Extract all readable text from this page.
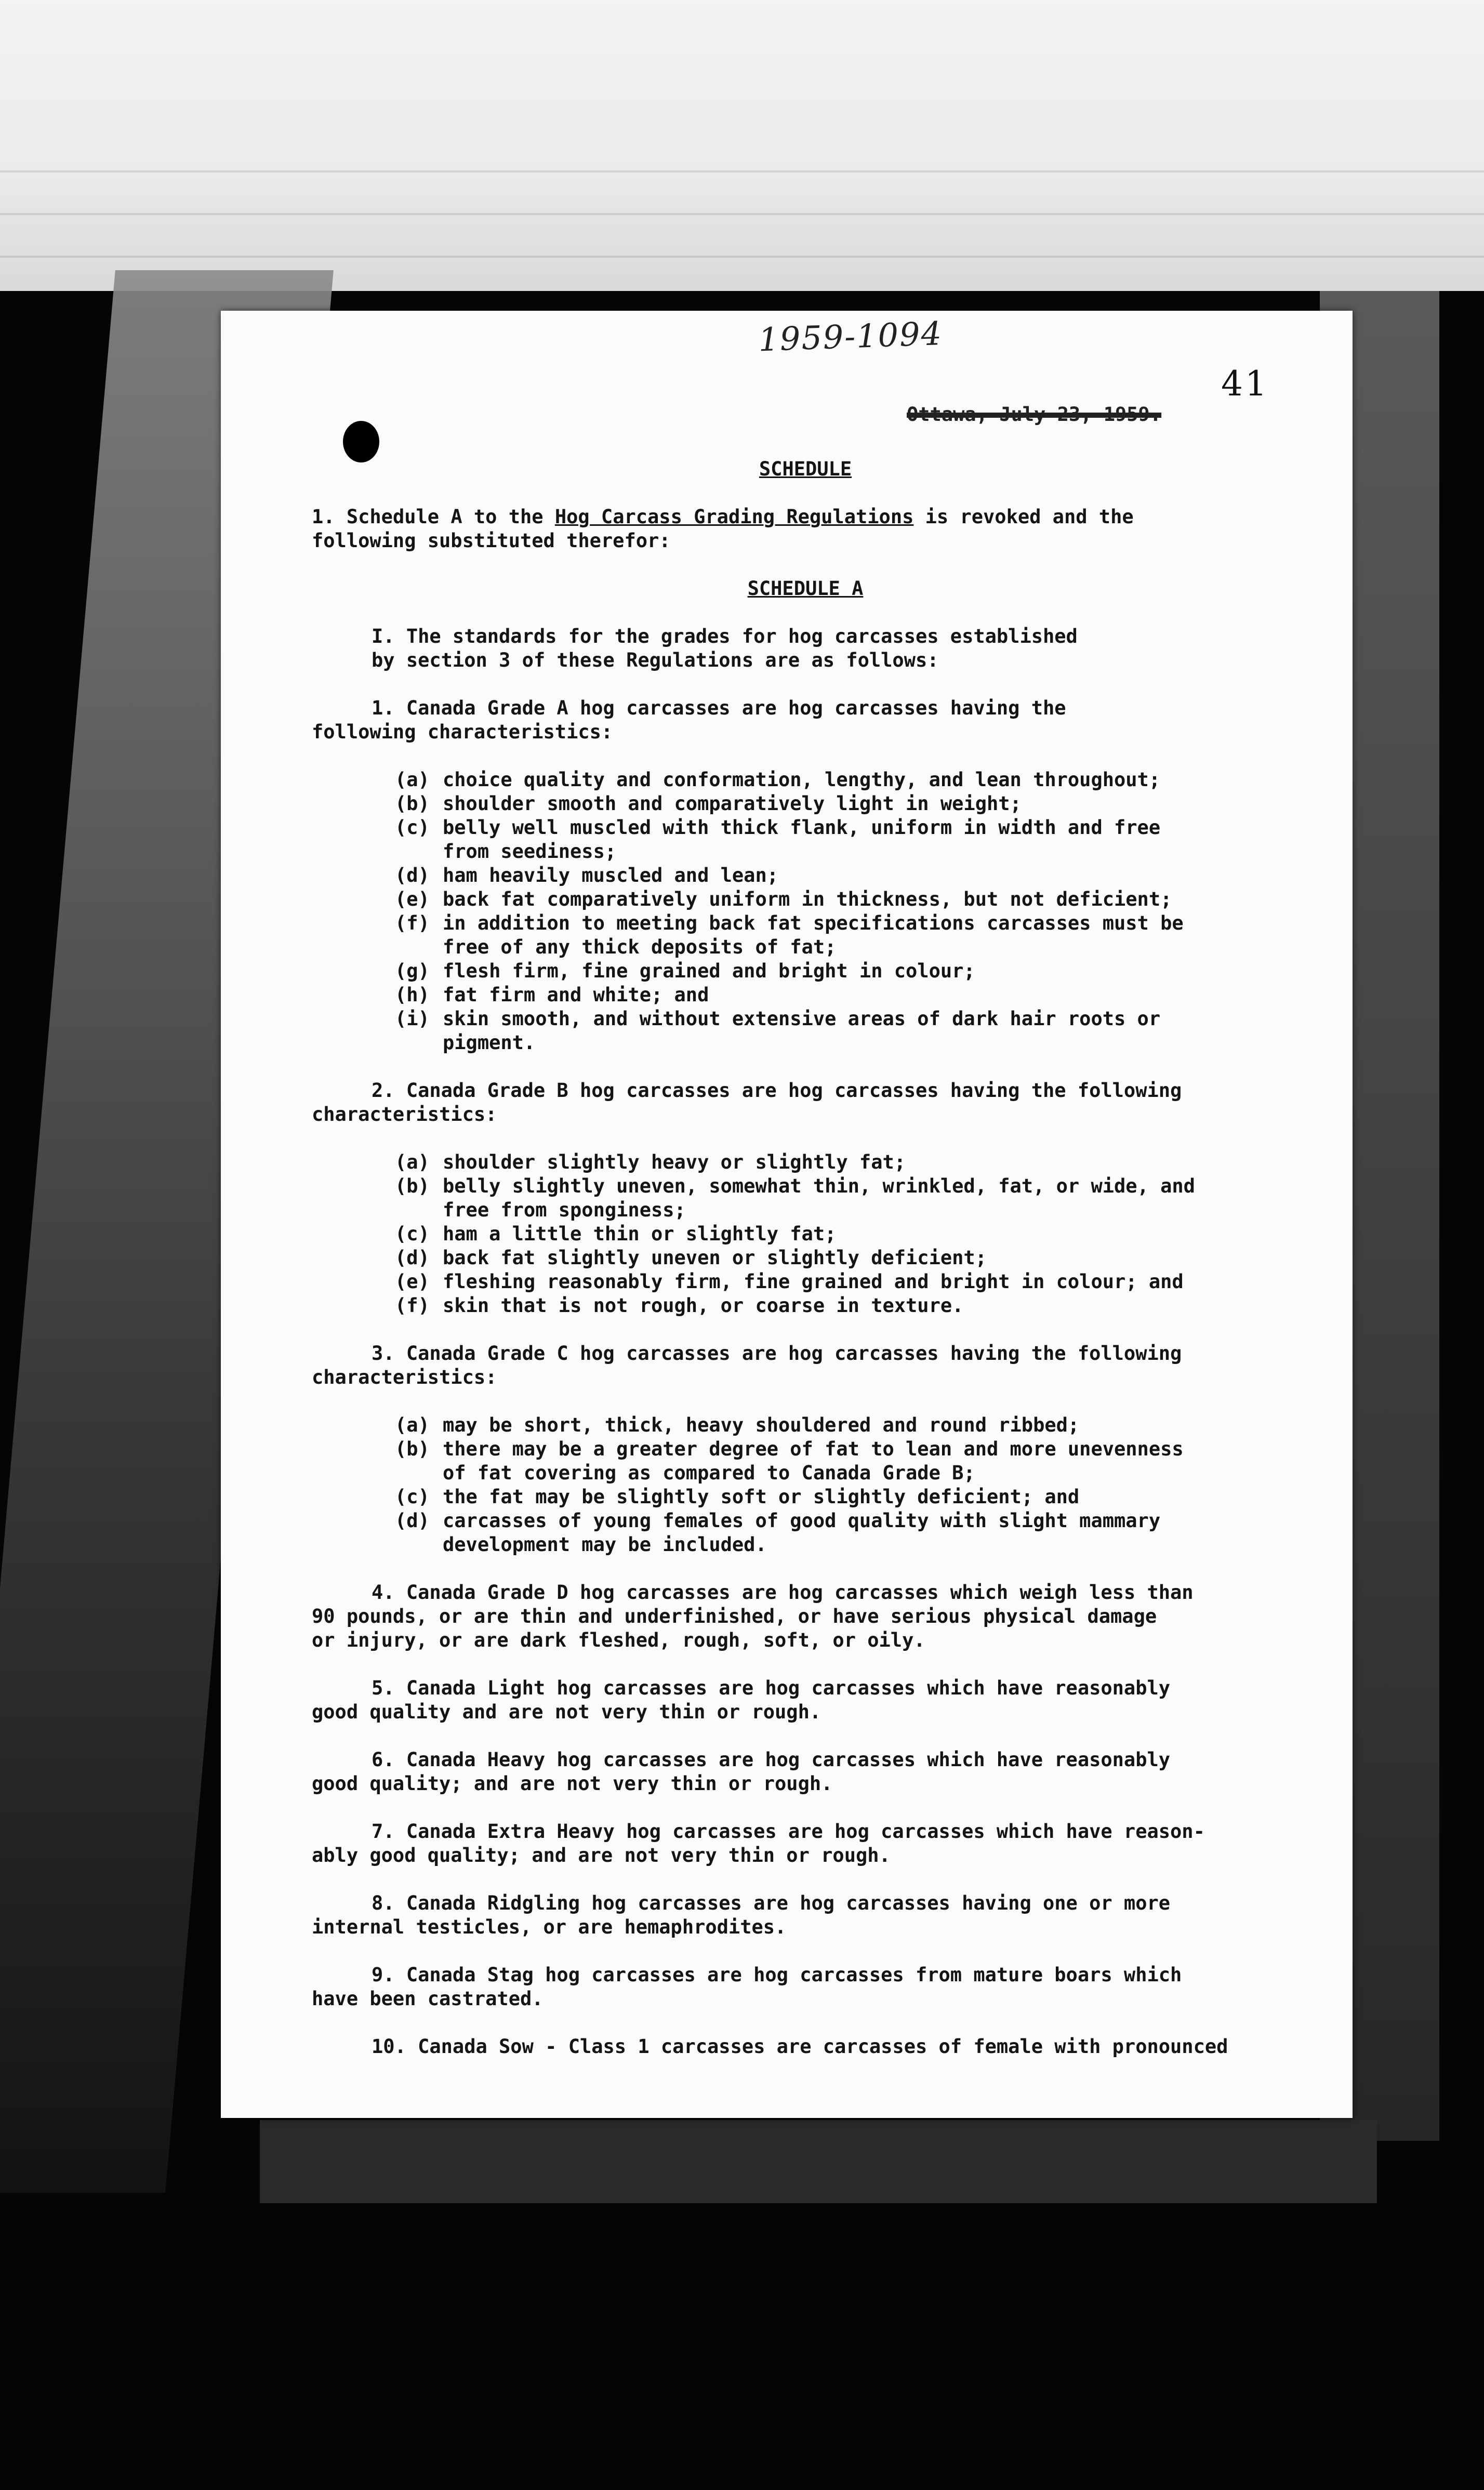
1959-1094
41
Ottawa, July 23, 1959.
SCHEDULE
1. Schedule A to the Hog Carcass Grading Regulations is revoked and the
following substituted therefor:
SCHEDULE A
I. The standards for the grades for hog carcasses established
by section 3 of these Regulations are as follows:
1. Canada Grade A hog carcasses are hog carcasses having the
following characteristics:
(a) choice quality and conformation, lengthy, and lean throughout;
(b) shoulder smooth and comparatively light in weight;
(c) belly well muscled with thick flank, uniform in width and free
from seediness;
(d) ham heavily muscled and lean;
(e) back fat comparatively uniform in thickness, but not deficient;
(f) in addition to meeting back fat specifications carcasses must be
free of any thick deposits of fat;
(g) flesh firm, fine grained and bright in colour;
(h) fat firm and white; and
(i) skin smooth, and without extensive areas of dark hair roots or
pigment.
2. Canada Grade B hog carcasses are hog carcasses having the following
characteristics:
(a) shoulder slightly heavy or slightly fat;
(b) belly slightly uneven, somewhat thin, wrinkled, fat, or wide, and
free from sponginess;
(c) ham a little thin or slightly fat;
(d) back fat slightly uneven or slightly deficient;
(e) fleshing reasonably firm, fine grained and bright in colour; and
(f) skin that is not rough, or coarse in texture.
3. Canada Grade C hog carcasses are hog carcasses having the following
characteristics:
(a) may be short, thick, heavy shouldered and round ribbed;
(b) there may be a greater degree of fat to lean and more unevenness
of fat covering as compared to Canada Grade B;
(c) the fat may be slightly soft or slightly deficient; and
(d) carcasses of young females of good quality with slight mammary
development may be included.
4. Canada Grade D hog carcasses are hog carcasses which weigh less than
90 pounds, or are thin and underfinished, or have serious physical damage
or injury, or are dark fleshed, rough, soft, or oily.
5. Canada Light hog carcasses are hog carcasses which have reasonably
good quality and are not very thin or rough.
6. Canada Heavy hog carcasses are hog carcasses which have reasonably
good quality; and are not very thin or rough.
7. Canada Extra Heavy hog carcasses are hog carcasses which have reason-
ably good quality; and are not very thin or rough.
8. Canada Ridgling hog carcasses are hog carcasses having one or more
internal testicles, or are hemaphrodites.
9. Canada Stag hog carcasses are hog carcasses from mature boars which
have been castrated.
10. Canada Sow - Class 1 carcasses are carcasses of female with pronounced
